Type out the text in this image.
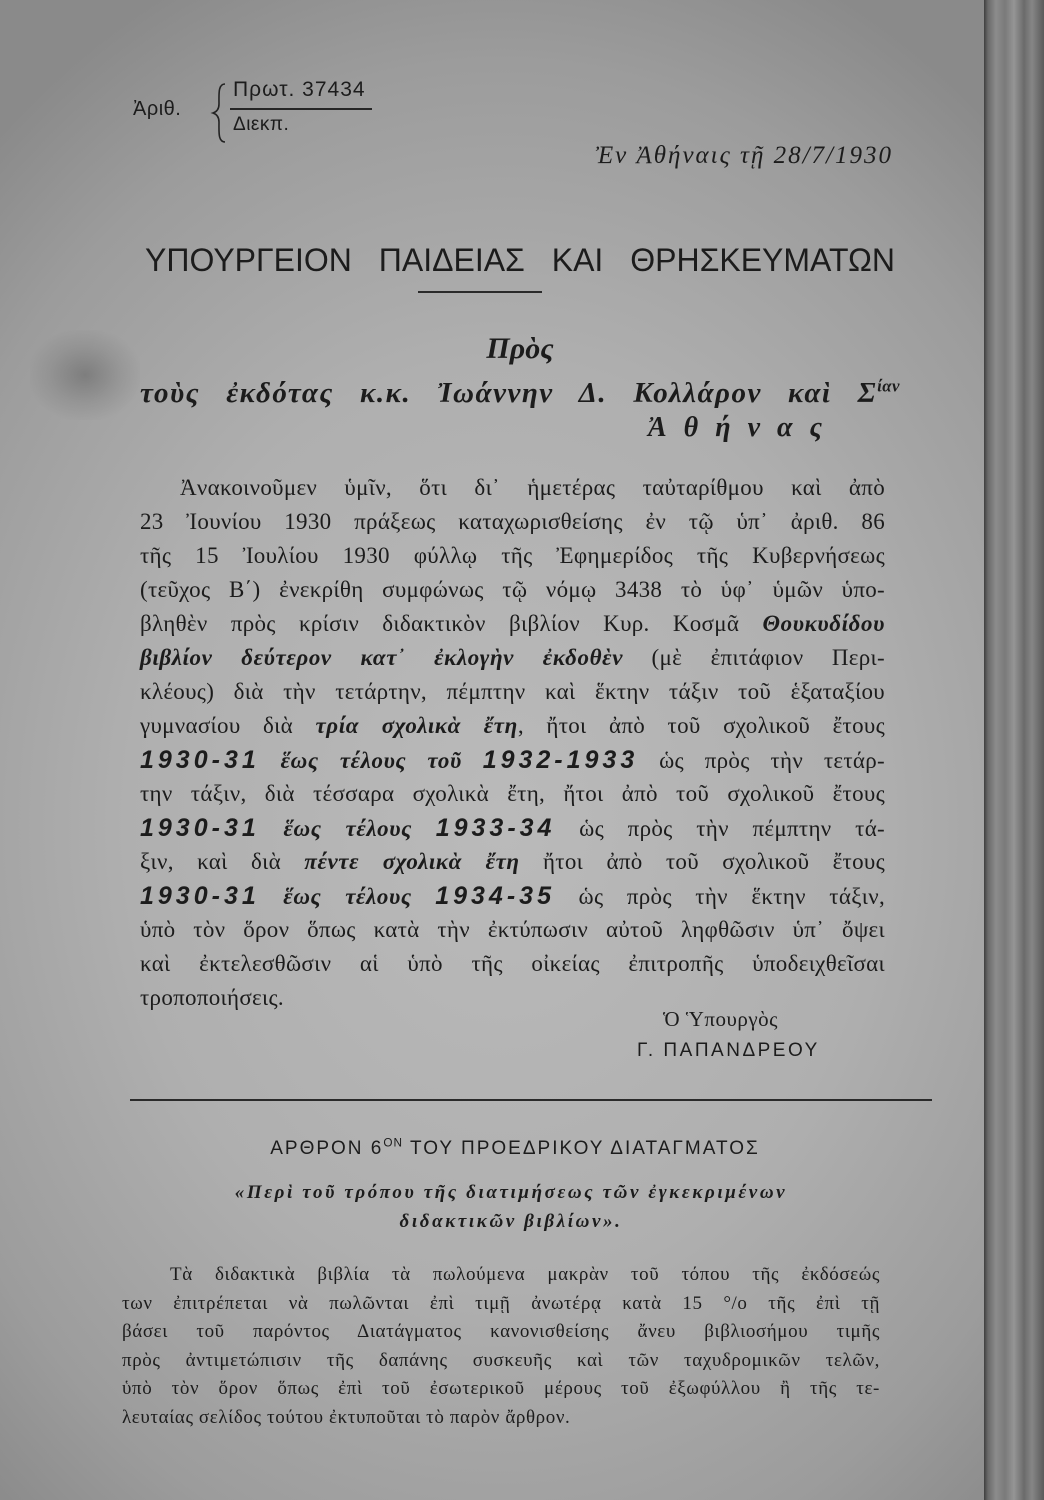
Ἀριθ.
Πρωτ. 37434
Διεκπ.
Ἐν Ἀθήναις τῇ 28/7/1930
ΥΠΟΥΡΓΕΙΟΝ ΠΑΙΔΕΙΑΣ ΚΑΙ ΘΡΗΣΚΕΥΜΑΤΩΝ
Πρὸς
τοὺς ἐκδότας κ.κ. Ἰωάννην Δ. Κολλάρον καὶ $\Sigma^{ί\alpha\nu}$
Ἀθήνας
Ἀνακοινοῦμεν ὑμῖν, ὅτι δι᾽ ἡμετέρας ταὐταρίθμου καὶ ἀπὸ
23 Ἰουνίου 1930 πράξεως καταχωρισθείσης ἐν τῷ ὑπ᾽ ἀριθ. 86
τῆς 15 Ἰουλίου 1930 φύλλῳ τῆς Ἐφημερίδος τῆς Κυβερνήσεως
(τεῦχος Β΄) ἐνεκρίθη συμφώνως τῷ νόμῳ 3438 τὸ ὑφ᾽ ὑμῶν ὑπο-
βληθὲν πρὸς κρίσιν διδακτικὸν βιβλίον Κυρ. Κοσμᾶ Θουκυδίδου
βιβλίον δεύτερον κατ᾽ ἐκλογὴν ἐκδοθὲν (μὲ ἐπιτάφιον Περι-
κλέους) διὰ τὴν τετάρτην, πέμπτην καὶ ἕκτην τάξιν τοῦ ἑξαταξίου
γυμνασίου διὰ τρία σχολικὰ ἔτη, ἤτοι ἀπὸ τοῦ σχολικοῦ ἔτους
1930-31 ἕως τέλους τοῦ 1932-1933 ὡς πρὸς τὴν τετάρ-
την τάξιν, διὰ τέσσαρα σχολικὰ ἔτη, ἤτοι ἀπὸ τοῦ σχολικοῦ ἔτους
1930-31 ἕως τέλους 1933-34 ὡς πρὸς τὴν πέμπτην τά-
ξιν, καὶ διὰ πέντε σχολικὰ ἔτη ἤτοι ἀπὸ τοῦ σχολικοῦ ἔτους
1930-31 ἕως τέλους 1934-35 ὡς πρὸς τὴν ἕκτην τάξιν,
ὑπὸ τὸν ὅρον ὅπως κατὰ τὴν ἐκτύπωσιν αὐτοῦ ληφθῶσιν ὑπ᾽ ὄψει
καὶ ἐκτελεσθῶσιν αἱ ὑπὸ τῆς οἰκείας ἐπιτροπῆς ὑποδειχθεῖσαι
τροποποιήσεις.
Ὁ Ὑπουργὸς
Γ. ΠΑΠΑΝΔΡΕΟΥ
ΑΡΘΡΟΝ $6^{ON}$ ΤΟΥ ΠΡΟΕΔΡΙΚΟΥ ΔΙΑΤΑΓΜΑΤΟΣ
«Περὶ τοῦ τρόπου τῆς διατιμήσεως τῶν ἐγκεκριμένων
διδακτικῶν βιβλίων».
Τὰ διδακτικὰ βιβλία τὰ πωλούμενα μακρὰν τοῦ τόπου τῆς ἐκδόσεώς
των ἐπιτρέπεται νὰ πωλῶνται ἐπὶ τιμῇ ἀνωτέρᾳ κατὰ 15 °/o τῆς ἐπὶ τῇ
βάσει τοῦ παρόντος Διατάγματος κανονισθείσης ἄνευ βιβλιοσήμου τιμῆς
πρὸς ἀντιμετώπισιν τῆς δαπάνης συσκευῆς καὶ τῶν ταχυδρομικῶν τελῶν,
ὑπὸ τὸν ὅρον ὅπως ἐπὶ τοῦ ἐσωτερικοῦ μέρους τοῦ ἐξωφύλλου ἢ τῆς τε-
λευταίας σελίδος τούτου ἐκτυποῦται τὸ παρὸν ἄρθρον.
